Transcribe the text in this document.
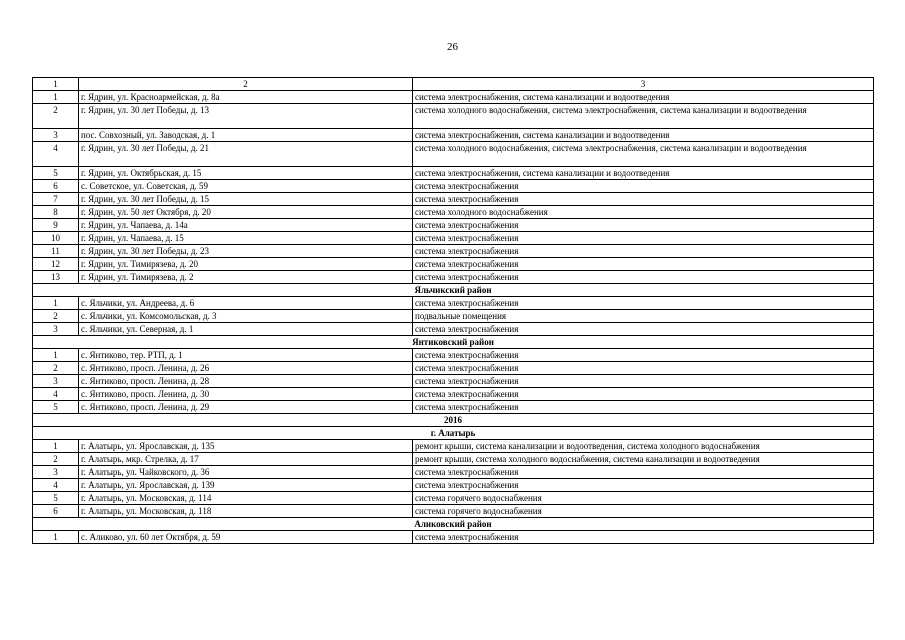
26
1	2	3
1	г. Ядрин, ул. Красноармейская, д. 8а	система электроснабжения, система канализации и водоотведения
2	г. Ядрин, ул. 30 лет Победы, д. 13	система холодного водоснабжения, система электроснабжения, система канализации и водоотведения
3	пос. Совхозный, ул. Заводская, д. 1	система электроснабжения, система канализации и водоотведения
4	г. Ядрин, ул. 30 лет Победы, д. 21	система холодного водоснабжения, система электроснабжения, система канализации и водоотведения
5	г. Ядрин, ул. Октябрьская, д. 15	система электроснабжения, система канализации и водоотведения
6	с. Советское, ул. Советская, д. 59	система электроснабжения
7	г. Ядрин, ул. 30 лет Победы, д. 15	система электроснабжения
8	г. Ядрин, ул. 50 лет Октября, д. 20	система холодного водоснабжения
9	г. Ядрин, ул. Чапаева, д. 14а	система электроснабжения
10	г. Ядрин, ул. Чапаева, д. 15	система электроснабжения
11	г. Ядрин, ул. 30 лет Победы, д. 23	система электроснабжения
12	г. Ядрин, ул. Тимирязева, д. 20	система электроснабжения
13	г. Ядрин, ул. Тимирязева, д. 2	система электроснабжения
Яльчикский район		
1	с. Яльчики, ул. Андреева, д. 6	система электроснабжения
2	с. Яльчики, ул. Комсомольская, д. 3	подвальные помещения
3	с. Яльчики, ул. Северная, д. 1	система электроснабжения
Янтиковский район		
1	с. Янтиково, тер. РТП, д. 1	система электроснабжения
2	с. Янтиково, просп. Ленина, д. 26	система электроснабжения
3	с. Янтиково, просп. Ленина, д. 28	система электроснабжения
4	с. Янтиково, просп. Ленина, д. 30	система электроснабжения
5	с. Янтиково, просп. Ленина, д. 29	система электроснабжения
2016		
г. Алатырь		
1	г. Алатырь, ул. Ярославская, д. 135	ремонт крыши, система канализации и водоотведения, система холодного водоснабжения
2	г. Алатырь, мкр. Стрелка, д. 17	ремонт крыши, система холодного водоснабжения, система канализации и водоотведения
3	г. Алатырь, ул. Чайковского, д. 36	система электроснабжения
4	г. Алатырь, ул. Ярославская, д. 139	система электроснабжения
5	г. Алатырь, ул. Московская, д. 114	система горячего водоснабжения
6	г. Алатырь, ул. Московская, д. 118	система горячего водоснабжения
Аликовский район		
1	с. Аликово, ул. 60 лет Октября, д. 59	система электроснабжения
